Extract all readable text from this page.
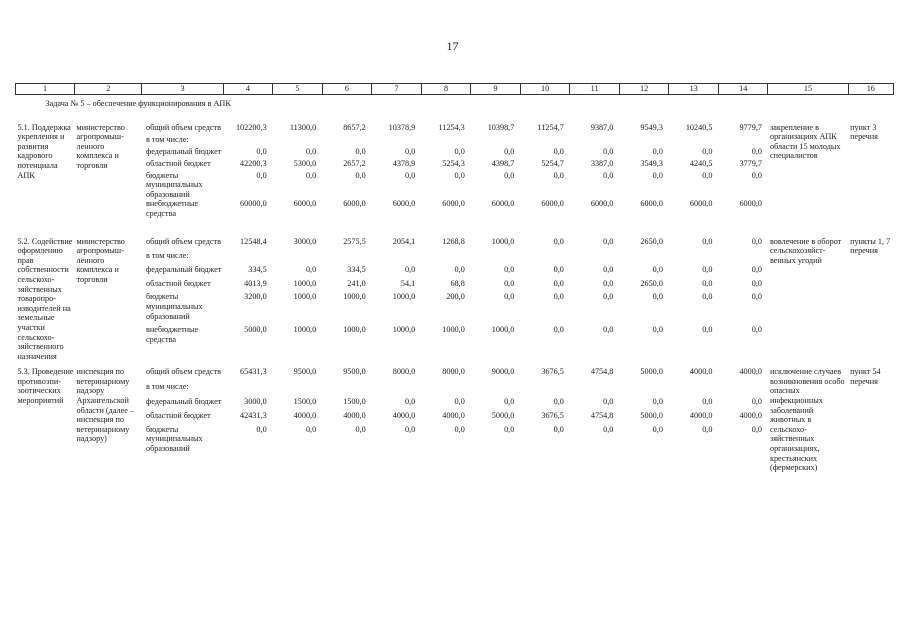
17
1	2	3	4	5	6	7	8	9	10	11	12	13	14	15	16
Задача № 5 – обеспечение функционирования в АПК															
5.1. Поддержка укрепления и развития кадрового потенциала АПК	министерство агропромыш-ленного комплекса и торговли	общий объем средств	102200,3	11300,0	8657,2	10378,9	11254,3	10398,7	11254,7	9387,0	9549,3	10240,5	9779,7	закрепление в организациях АПК области 15 молодых специалистов	пункт 3 перечня
		в том числе:													
		федеральный бюджет	0,0	0,0	0,0	0,0	0,0	0,0	0,0	0,0	0,0	0,0	0,0		
		областной бюджет	42200,3	5300,0	2657,2	4378,9	5254,3	4398,7	5254,7	3387,0	3549,3	4240,5	3779,7		
		бюджеты муниципальных образований	0,0	0,0	0,0	0,0	0,0	0,0	0,0	0,0	0,0	0,0	0,0		
		внебюджетные средства	60000,0	6000,0	6000,0	6000,0	6000,0	6000,0	6000,0	6000,0	6000,0	6000,0	6000,0		
5.2. Содействие оформлению прав собственности сельскохо-зяйственных товаропро-изводителей на земельные участки сельскохо-зяйственного назначения	министерство агропромыш-ленного комплекса и торговли	общий объем средств	12548,4	3000,0	2575,5	2054,1	1268,8	1000,0	0,0	0,0	2650,0	0,0	0,0	вовлечение в оборот сельскохозяйст-венных угодий	пункты 1, 7 перечня
		в том числе:													
		федеральный бюджет	334,5	0,0	334,5	0,0	0,0	0,0	0,0	0,0	0,0	0,0	0,0		
		областной бюджет	4013,9	1000,0	241,0	54,1	68,8	0,0	0,0	0,0	2650,0	0,0	0,0		
		бюджеты муниципальных образований	3200,0	1000,0	1000,0	1000,0	200,0	0,0	0,0	0,0	0,0	0,0	0,0		
		внебюджетные средства	5000,0	1000,0	1000,0	1000,0	1000,0	1000,0	0,0	0,0	0,0	0,0	0,0		
5.3. Проведение противоэпи-зоотических мероприятий	инспекция по ветеринарному надзору Архангельской области (далее – инспекция по ветеринарному надзору)	общий объем средств	65431,3	9500,0	9500,0	8000,0	8000,0	9000,0	3676,5	4754,8	5000,0	4000,0	4000,0	исключение случаев возникновения особо опасных инфекционных заболеваний животных в сельскохо-зяйственных организациях, крестьянских (фермерских)	пункт 54 перечня
		в том числе:													
		федеральный бюджет	3000,0	1500,0	1500,0	0,0	0,0	0,0	0,0	0,0	0,0	0,0	0,0		
		областной бюджет	42431,3	4000,0	4000,0	4000,0	4000,0	5000,0	3676,5	4754,8	5000,0	4000,0	4000,0		
		бюджеты муниципальных образований	0,0	0,0	0,0	0,0	0,0	0,0	0,0	0,0	0,0	0,0	0,0		
